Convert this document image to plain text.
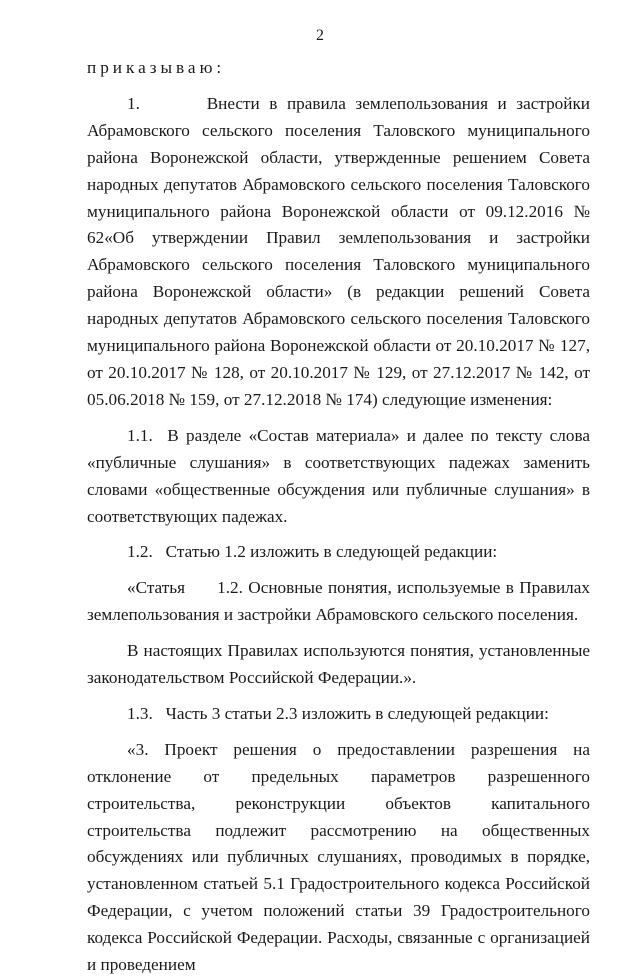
2

приказываю:

1.       Внести в правила землепользования и застройки Абрамовского сельского поселения Таловского муниципального района Воронежской области, утвержденные решением Совета народных депутатов Абрамовского сельского поселения Таловского муниципального района Воронежской области от 09.12.2016 № 62«Об утверждении Правил землепользования и застройки Абрамовского сельского поселения Таловского муниципального района Воронежской области» (в редакции решений Совета народных депутатов Абрамовского сельского поселения Таловского муниципального района Воронежской области от 20.10.2017 № 127, от 20.10.2017 № 128, от 20.10.2017 № 129, от 27.12.2017 № 142, от 05.06.2018 № 159, от 27.12.2018 № 174) следующие изменения:

1.1.  В разделе «Состав материала» и далее по тексту слова «публичные слушания» в соответствующих падежах заменить словами «общественные обсуждения или публичные слушания» в соответствующих падежах.

1.2.   Статью 1.2 изложить в следующей редакции:

«Статья      1.2. Основные понятия, используемые в Правилах землепользования и застройки Абрамовского сельского поселения.

В настоящих Правилах используются понятия, установленные законодательством Российской Федерации.».

1.3.   Часть 3 статьи 2.3 изложить в следующей редакции:

«3. Проект решения о предоставлении разрешения на отклонение от предельных параметров разрешенного строительства, реконструкции объектов капитального строительства подлежит рассмотрению на общественных обсуждениях или публичных слушаниях, проводимых в порядке, установленном статьей 5.1 Градостроительного кодекса Российской Федерации, с учетом положений статьи 39 Градостроительного кодекса Российской Федерации. Расходы, связанные с организацией и проведением
